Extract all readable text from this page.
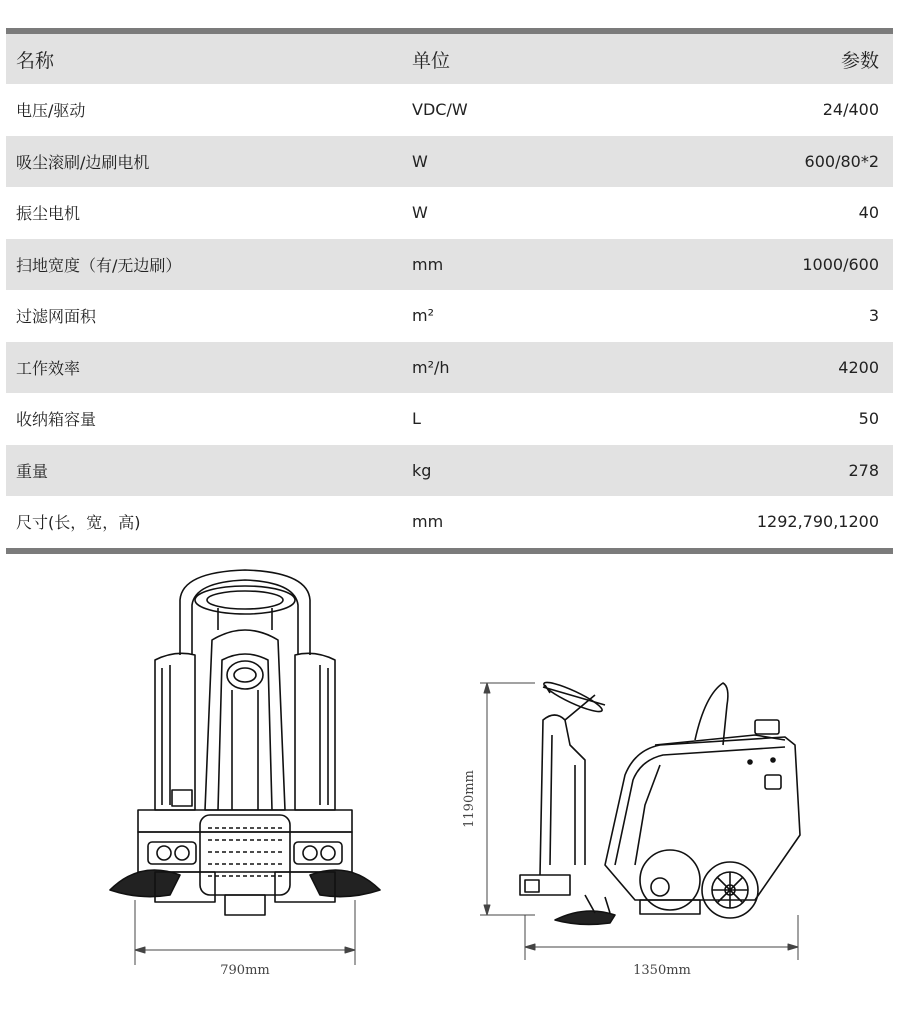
名称	单位	参数
电压/驱动	VDC/W	24/400
吸尘滚刷/边刷电机	W	600/80*2
振尘电机	W	40
扫地宽度（有/无边刷）	mm	1000/600
过滤网面积	m²	3
工作效率	m²/h	4200
收纳箱容量	L	50
重量	kg	278
尺寸(长，宽，高)	mm	1292,790,1200
790mm
1190mm
1350mm
